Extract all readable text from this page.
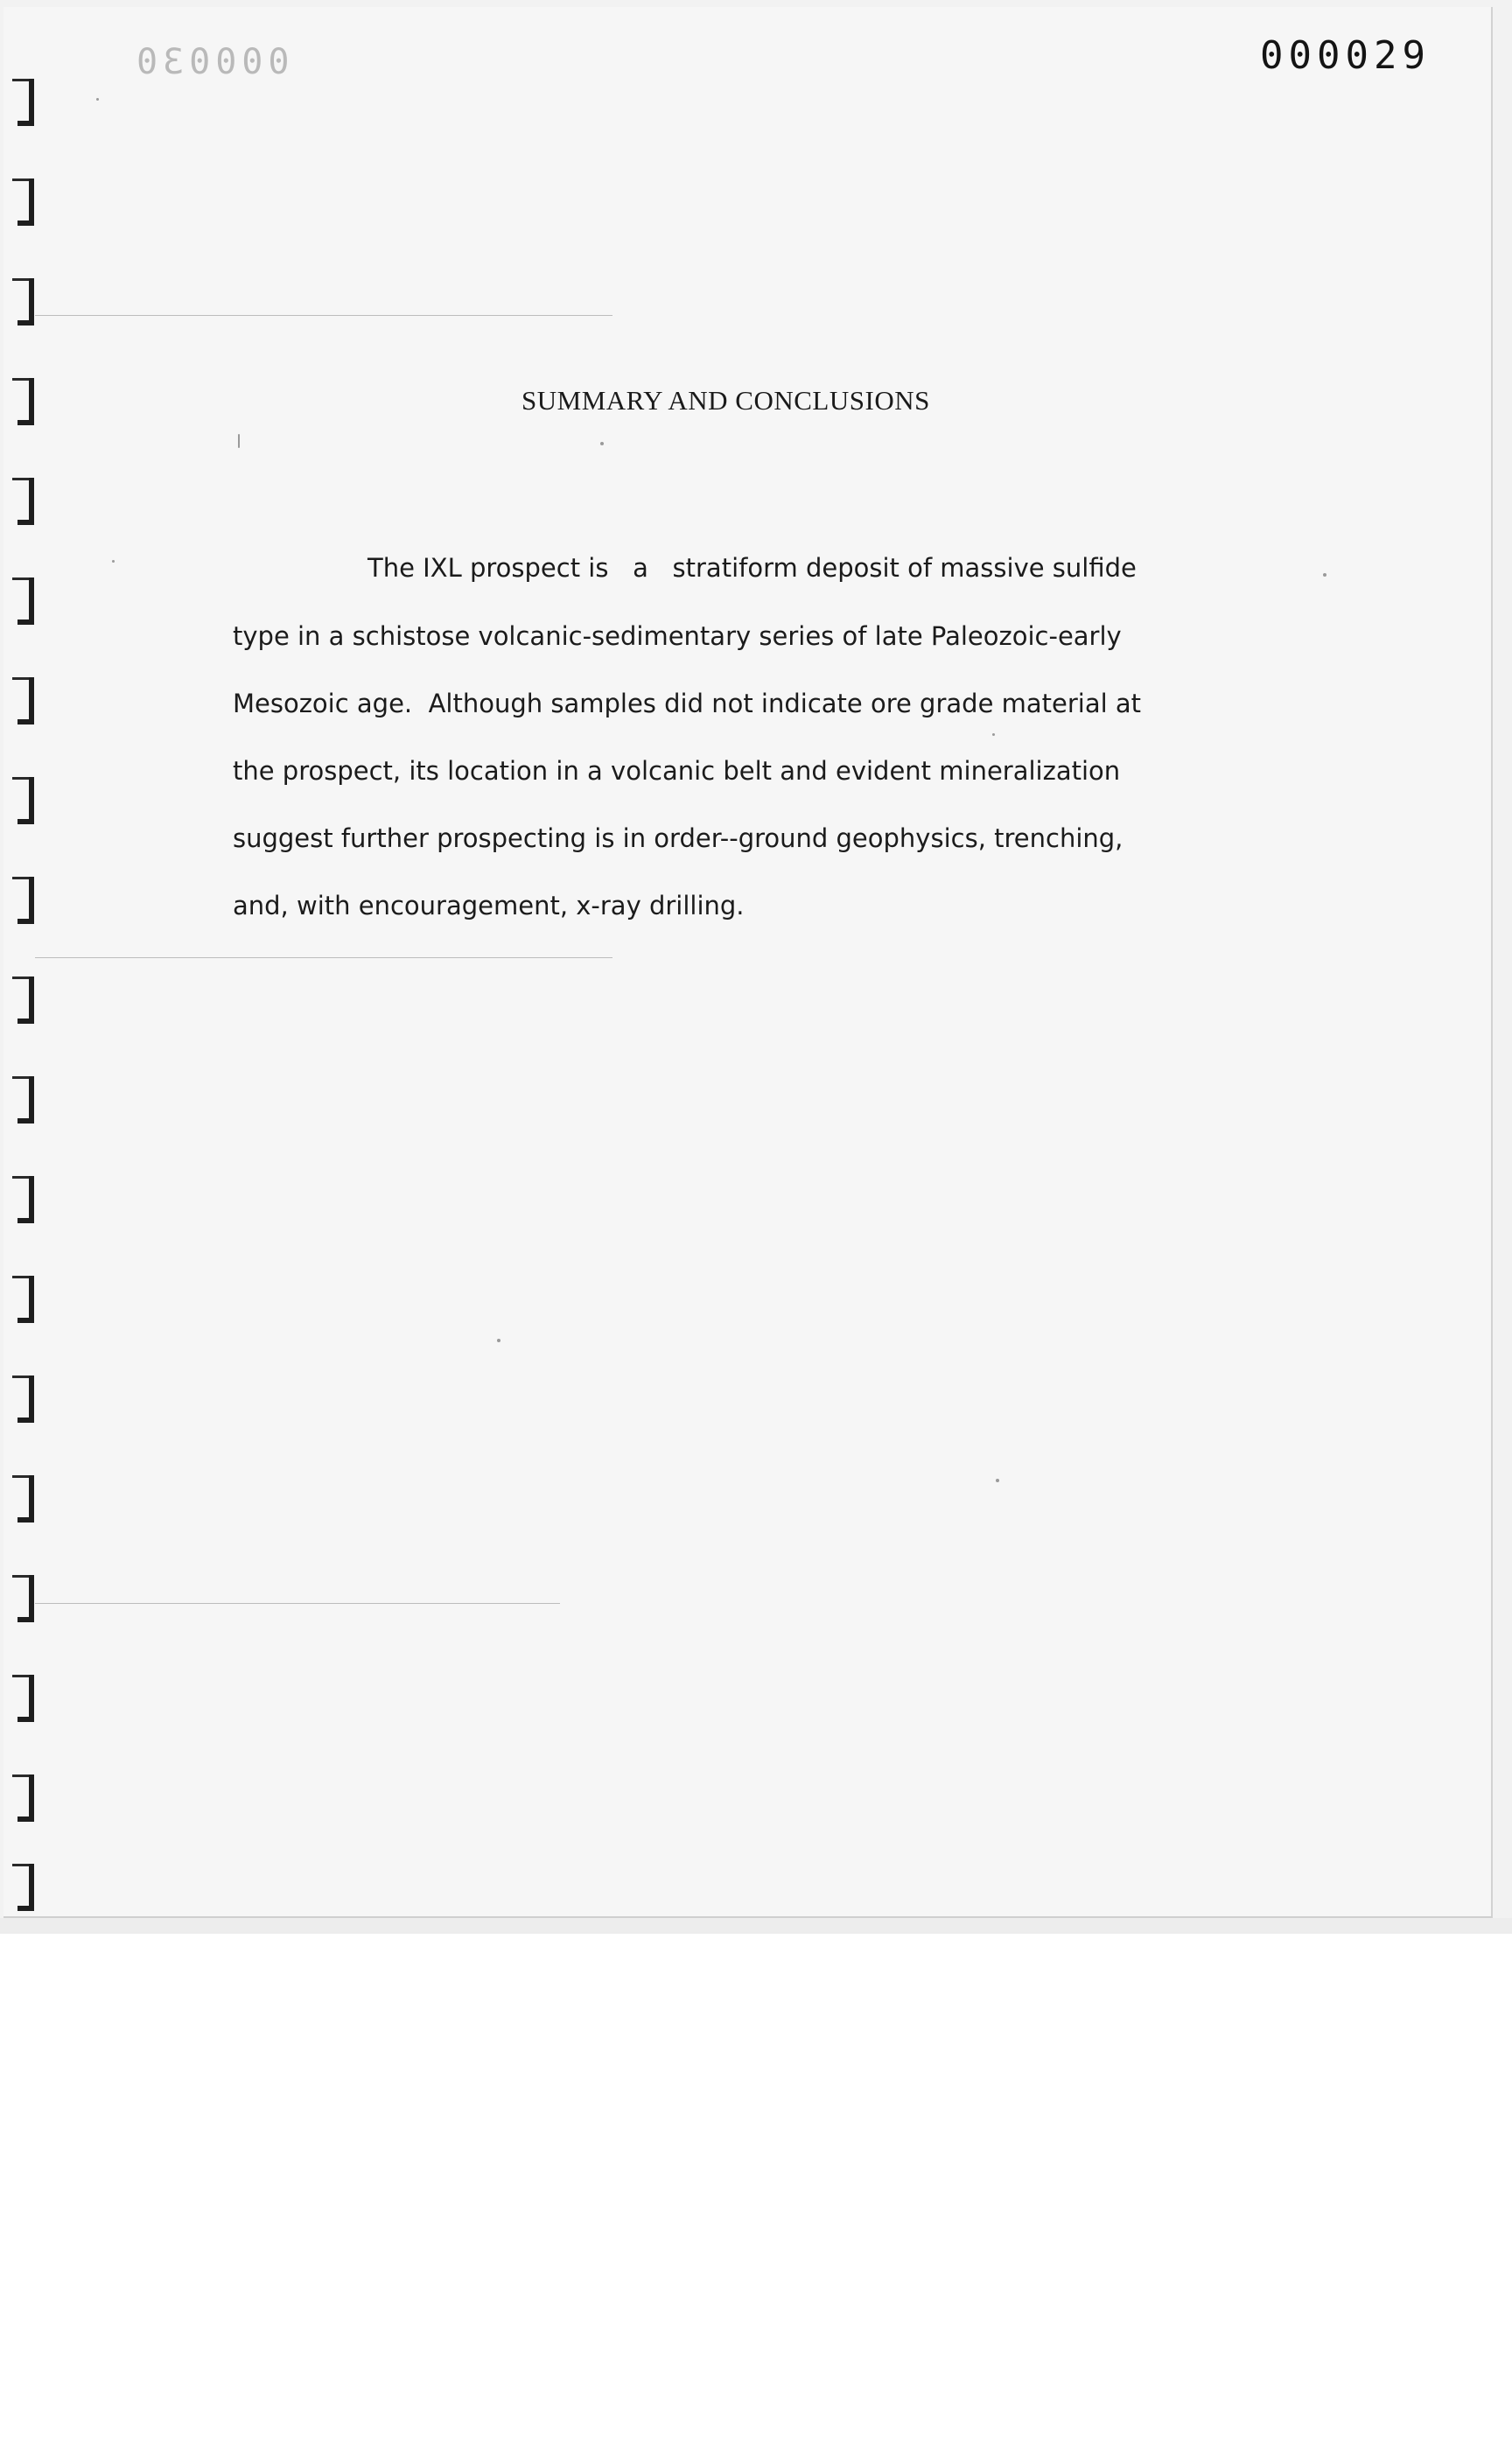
000030	000029
SUMMARY AND CONCLUSIONS
The IXL prospect is   a   stratiform deposit of massive sulfide
type in a schistose volcanic-sedimentary series of late Paleozoic-early
Mesozoic age.  Although samples did not indicate ore grade material at
the prospect, its location in a volcanic belt and evident mineralization
suggest further prospecting is in order--ground geophysics, trenching,
and, with encouragement, x-ray drilling.
